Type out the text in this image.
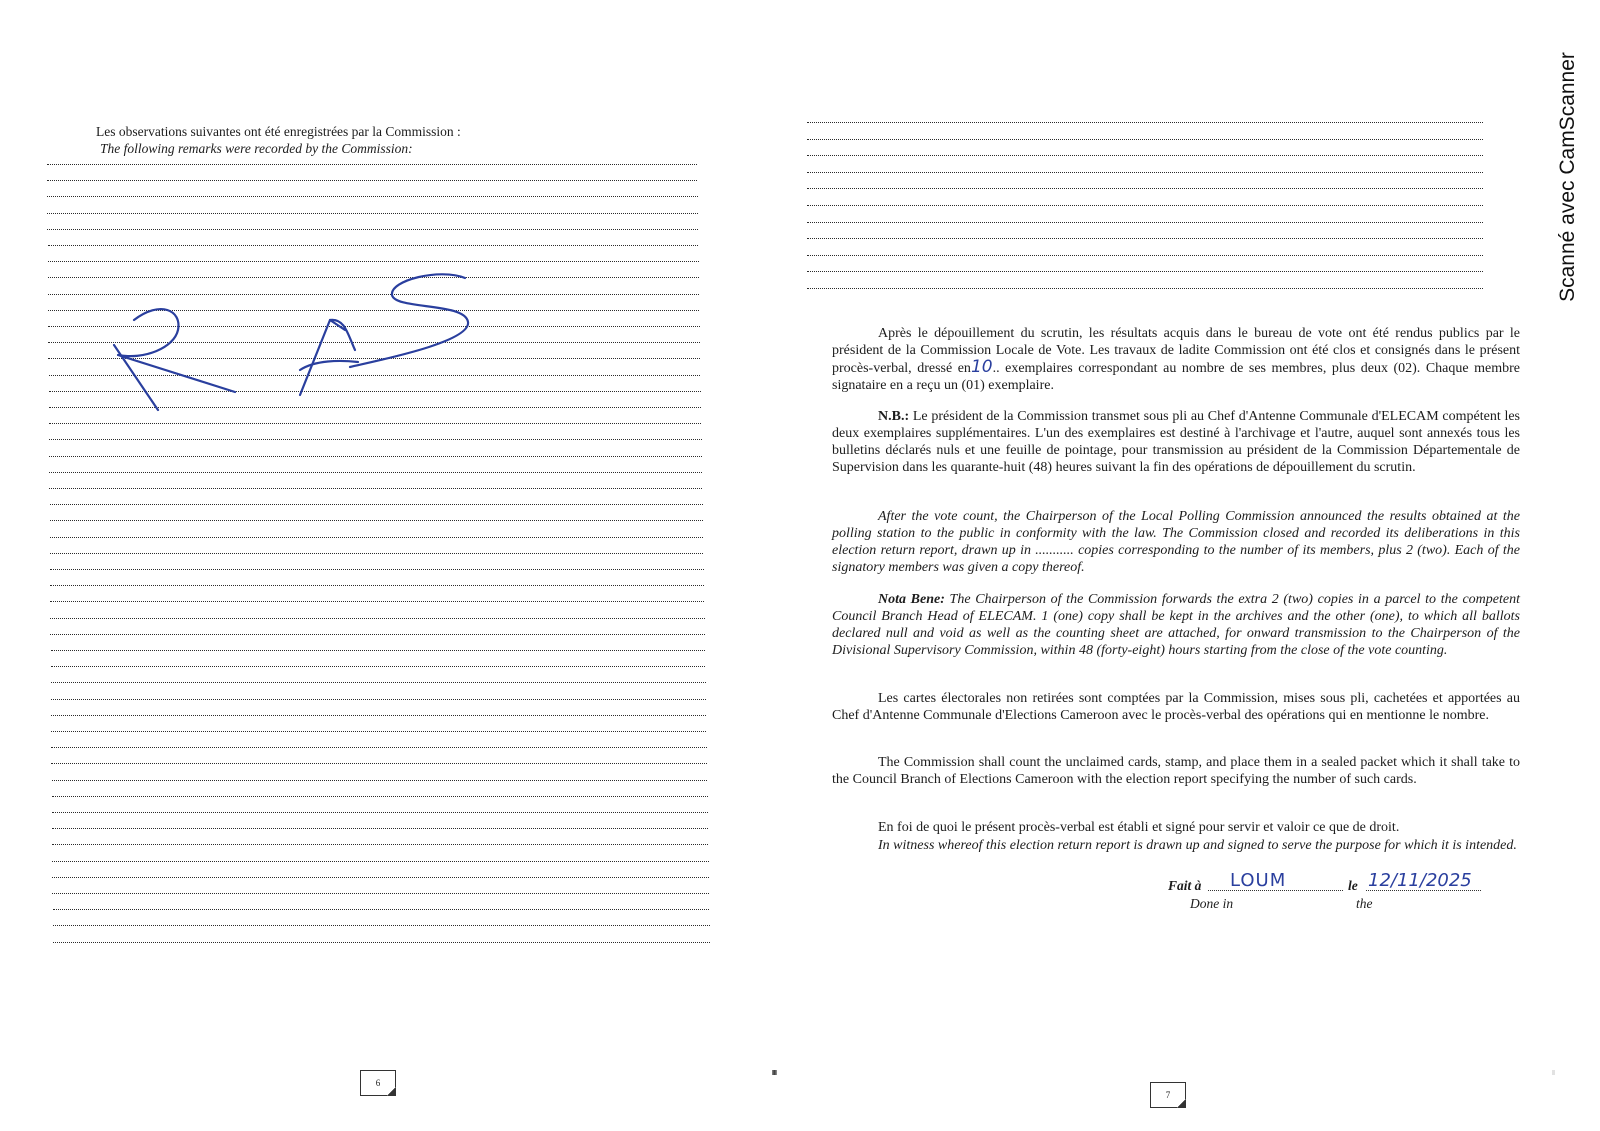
Les observations suivantes ont été enregistrées par la Commission :
The following remarks were recorded by the Commission:
6

Après le dépouillement du scrutin, les résultats acquis dans le bureau de vote ont été rendus publics par le président de la Commission Locale de Vote. Les travaux de ladite Commission ont été clos et consignés dans le présent procès-verbal, dressé en10.. exemplaires correspondant au nombre de ses membres, plus deux (02). Chaque membre signataire en a reçu un (01) exemplaire.

N.B.: Le président de la Commission transmet sous pli au Chef d'Antenne Communale d'ELECAM compétent les deux exemplaires supplémentaires. L'un des exemplaires est destiné à l'archivage et l'autre, auquel sont annexés tous les bulletins déclarés nuls et une feuille de pointage, pour transmission au président de la Commission Départementale de Supervision dans les quarante-huit (48) heures suivant la fin des opérations de dépouillement du scrutin.

After the vote count, the Chairperson of the Local Polling Commission announced the results obtained at the polling station to the public in conformity with the law. The Commission closed and recorded its deliberations in this election return report, drawn up in ........... copies corresponding to the number of its members, plus 2 (two). Each of the signatory members was given a copy thereof.

Nota Bene: The Chairperson of the Commission forwards the extra 2 (two) copies in a parcel to the competent Council Branch Head of ELECAM. 1 (one) copy shall be kept in the archives and the other (one), to which all ballots declared null and void as well as the counting sheet are attached, for onward transmission to the Chairperson of the Divisional Supervisory Commission, within 48 (forty-eight) hours starting from the close of the vote counting.

Les cartes électorales non retirées sont comptées par la Commission, mises sous pli, cachetées et apportées au Chef d'Antenne Communale d'Elections Cameroon avec le procès-verbal des opérations qui en mentionne le nombre.

The Commission shall count the unclaimed cards, stamp, and place them in a sealed packet which it shall take to the Council Branch of Elections Cameroon with the election report specifying the number of such cards.

En foi de quoi le présent procès-verbal est établi et signé pour servir et valoir ce que de droit.

In witness whereof this election return report is drawn up and signed to serve the purpose for which it is intended.

Fait à LOUM	le 12/11/2025
Done in	the
7
Scanné avec CamScanner
